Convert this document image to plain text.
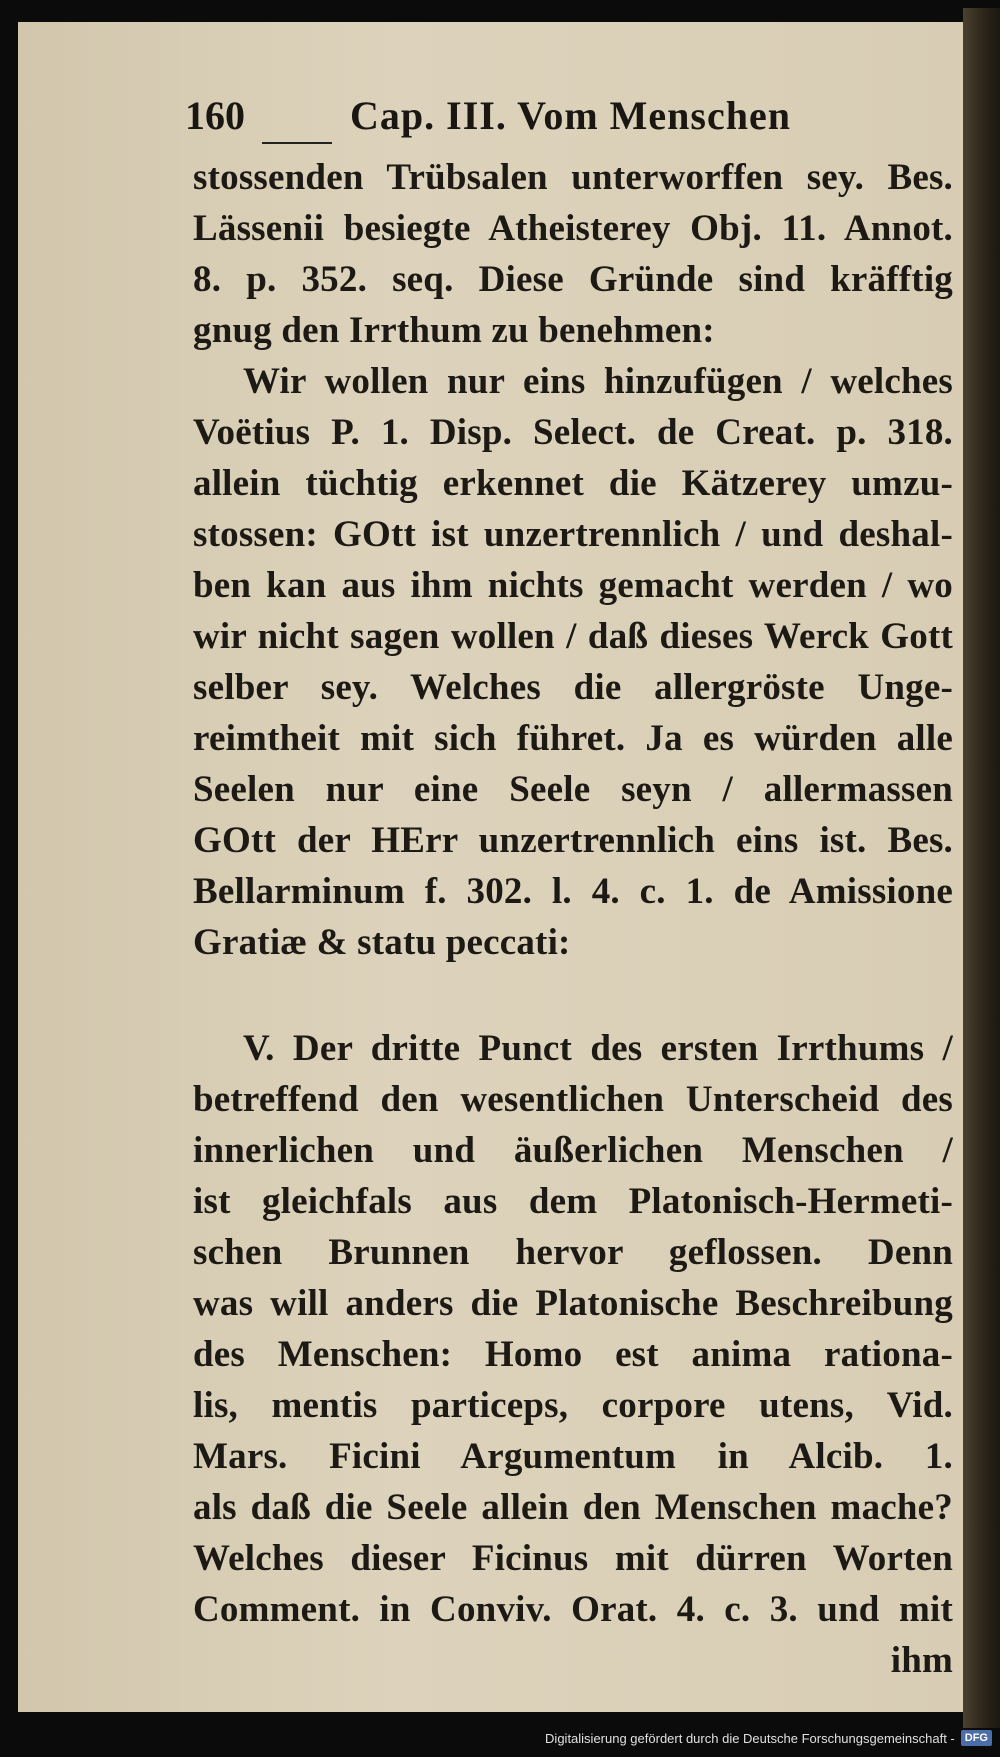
160	Cap. III. Vom Menschen
stossenden Trübsalen unterworffen sey. Bes.
Lässenii besiegte Atheisterey Obj. 11. Annot.
8. p. 352. seq. Diese Gründe sind kräfftig
gnug den Irrthum zu benehmen:
Wir wollen nur eins hinzufügen / welches
Voëtius P. 1. Disp. Select. de Creat. p. 318.
allein tüchtig erkennet die Kätzerey umzu-
stossen: GOtt ist unzertrennlich / und deshal-
ben kan aus ihm nichts gemacht werden / wo
wir nicht sagen wollen / daß dieses Werck Gott
selber sey. Welches die allergröste Unge-
reimtheit mit sich führet. Ja es würden alle
Seelen nur eine Seele seyn / allermassen
GOtt der HErr unzertrennlich eins ist. Bes.
Bellarminum f. 302. l. 4. c. 1. de Amissione
Gratiæ & statu peccati:
V. Der dritte Punct des ersten Irrthums /
betreffend den wesentlichen Unterscheid des
innerlichen und äußerlichen Menschen /
ist gleichfals aus dem Platonisch-Hermeti-
schen Brunnen hervor geflossen. Denn
was will anders die Platonische Beschreibung
des Menschen: Homo est anima rationa-
lis, mentis particeps, corpore utens, Vid.
Mars. Ficini Argumentum in Alcib. 1.
als daß die Seele allein den Menschen mache?
Welches dieser Ficinus mit dürren Worten
Comment. in Conviv. Orat. 4. c. 3. und mit
ihm
Digitalisierung gefördert durch die Deutsche Forschungsgemeinschaft - DFG
